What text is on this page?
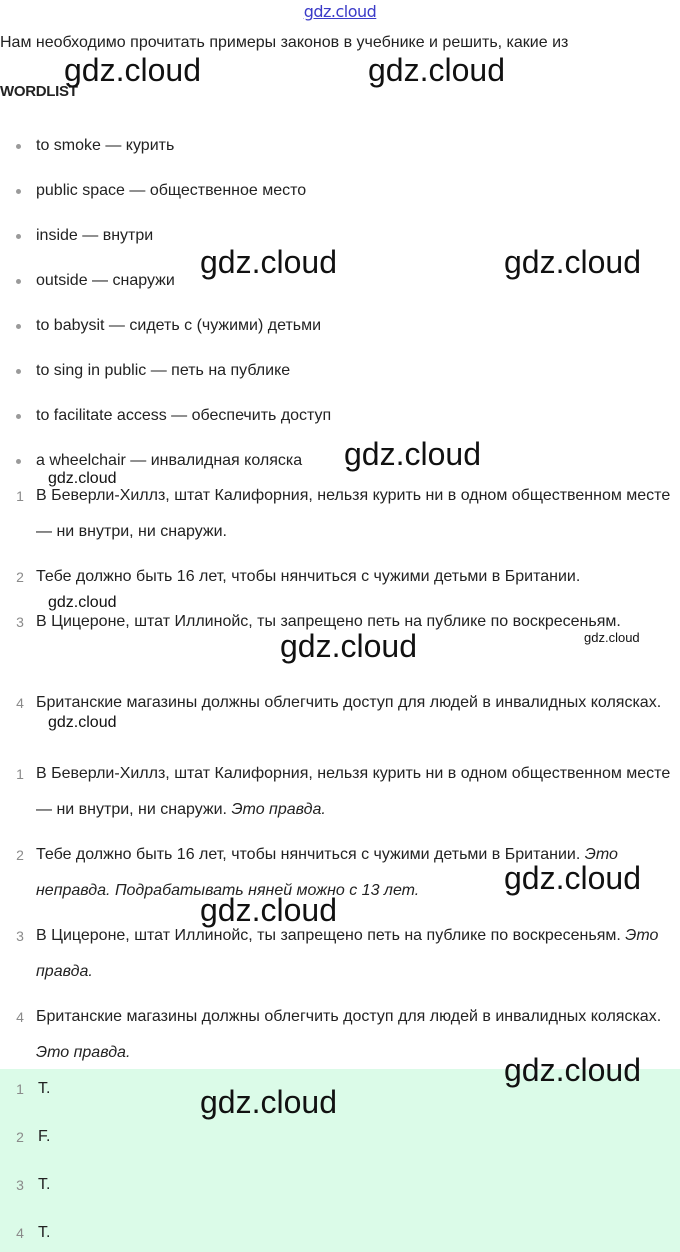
gdz.cloud
Нам необходимо прочитать примеры законов в учебнике и решить, какие из
WORDLIST
to smoke — курить
public space — общественное место
inside — внутри
outside — снаружи
to babysit — сидеть с (чужими) детьми
to sing in public — петь на публике
to facilitate access — обеспечить доступ
a wheelchair — инвалидная коляска
1 В Беверли-Хиллз, штат Калифорния, нельзя курить ни в одном общественном месте — ни внутри, ни снаружи.
2 Тебе должно быть 16 лет, чтобы нянчиться с чужими детьми в Британии.
3 В Цицероне, штат Иллинойс, ты запрещено петь на публике по воскресеньям.
4 Британские магазины должны облегчить доступ для людей в инвалидных колясках.
1 В Беверли-Хиллз, штат Калифорния, нельзя курить ни в одном общественном месте — ни внутри, ни снаружи. Это правда.
2 Тебе должно быть 16 лет, чтобы нянчиться с чужими детьми в Британии. Это неправда. Подрабатывать няней можно с 13 лет.
3 В Цицероне, штат Иллинойс, ты запрещено петь на публике по воскресеньям. Это правда.
4 Британские магазины должны облегчить доступ для людей в инвалидных колясках. Это правда.
1 T.
2 F.
3 T.
4 T.
gdz.cloud	gdz.cloud
gdz.cloud	gdz.cloud
gdz.cloud
gdz.cloud
gdz.cloud
gdz.cloud
gdz.cloud
gdz.cloud
gdz.cloud
gdz.cloud
gdz.cloud
gdz.cloud
